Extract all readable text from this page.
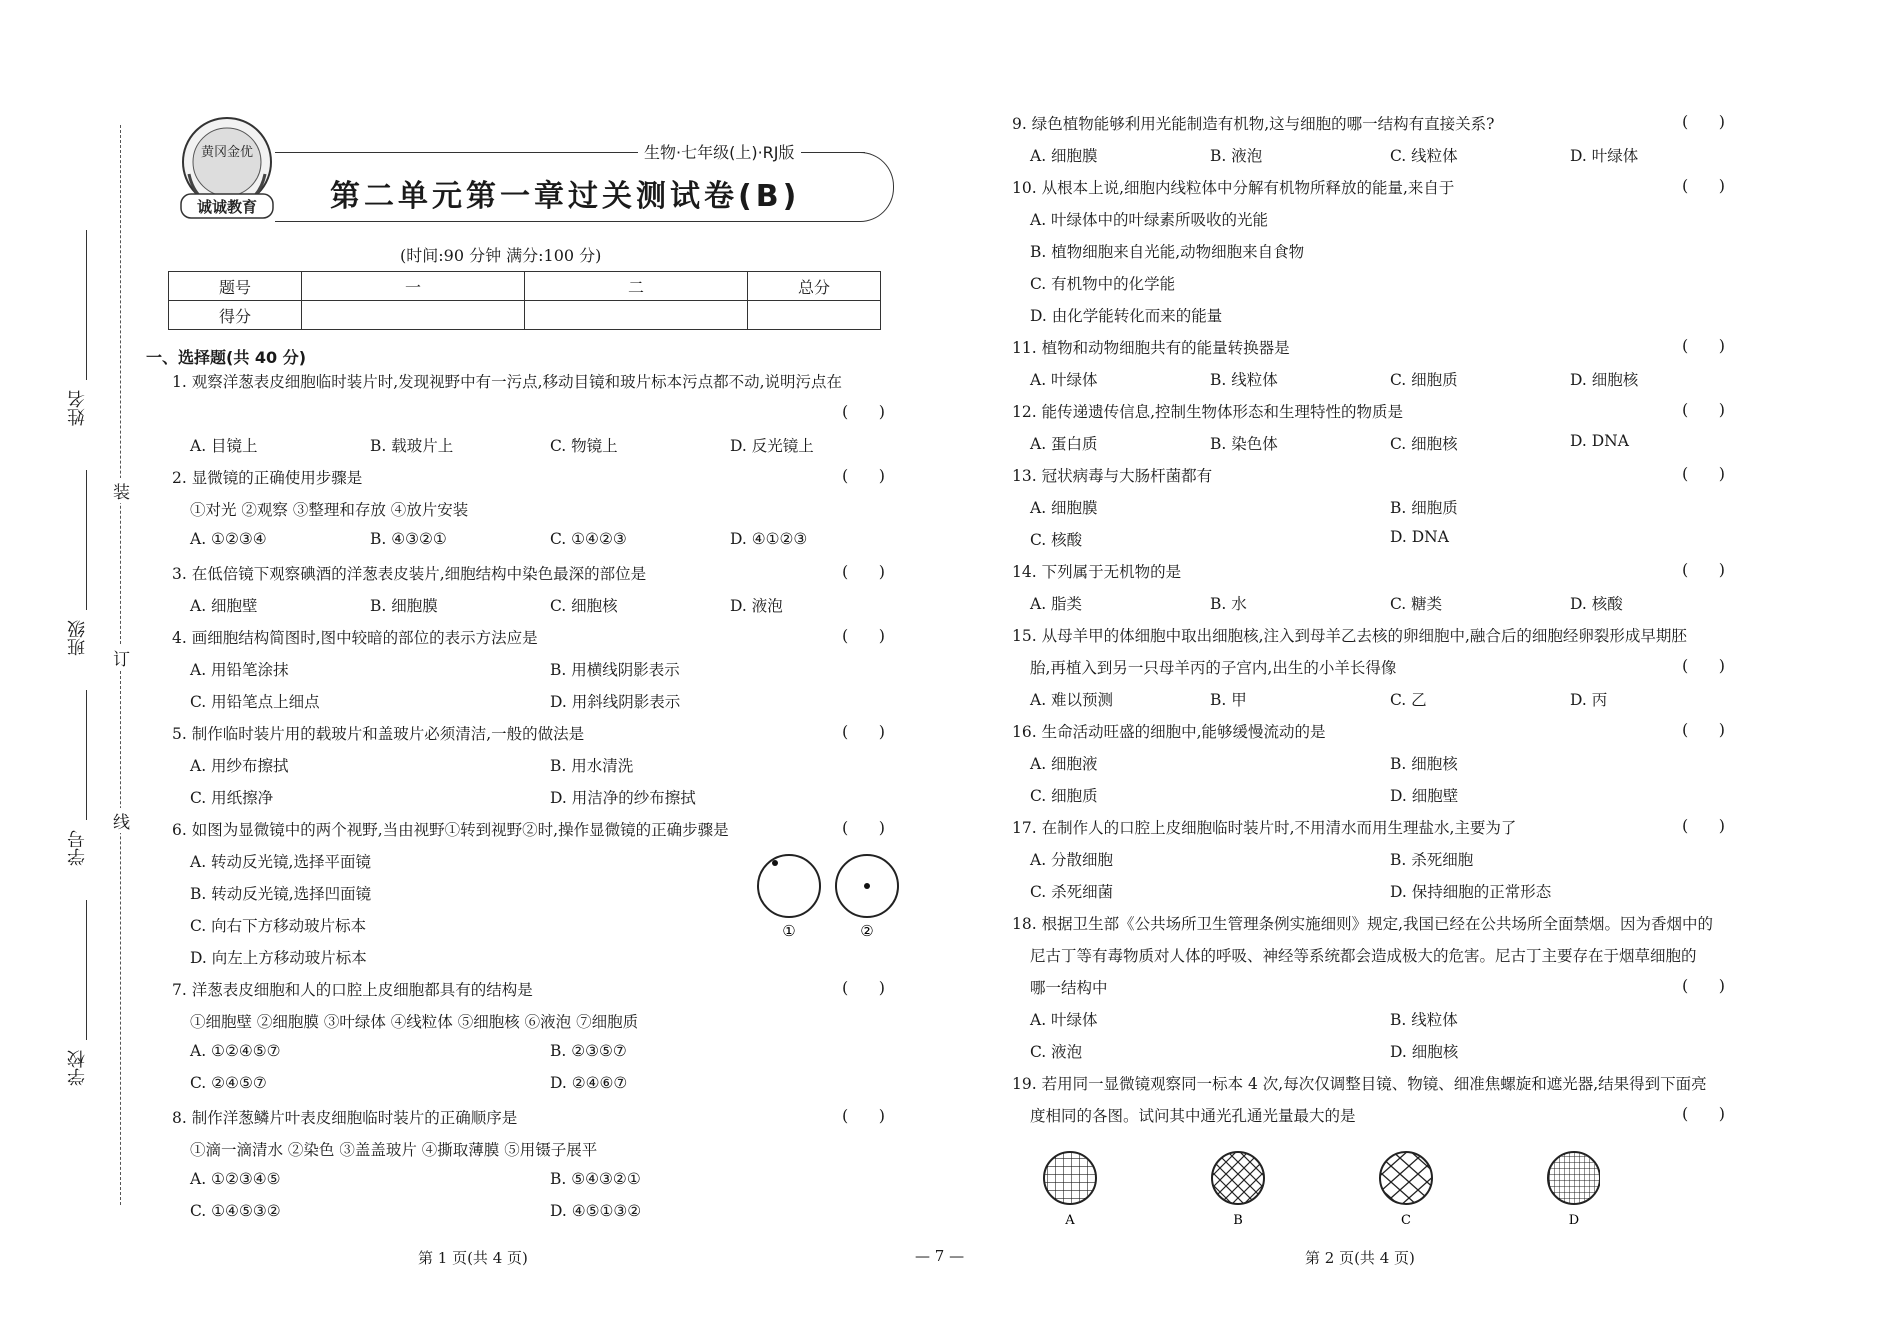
装
订
线
姓名
班级
学号
学校
黄冈金优
诚诚教育
生物·七年级(上)·RJ版
第二单元第一章过关测试卷(B)
(时间:90 分钟 满分:100 分)
题号	一	二	总分
得分			
一、选择题(共 40 分)
1. 观察洋葱表皮细胞临时装片时,发现视野中有一污点,移动目镜和玻片标本污点都不动,说明污点在
A. 目镜上	B. 载玻片上	C. 物镜上	D. 反光镜上
2. 显微镜的正确使用步骤是
①对光 ②观察 ③整理和存放 ④放片安装
A. ①②③④	B. ④③②①	C. ①④②③	D. ④①②③
3. 在低倍镜下观察碘酒的洋葱表皮装片,细胞结构中染色最深的部位是
A. 细胞壁	B. 细胞膜	C. 细胞核	D. 液泡
4. 画细胞结构简图时,图中较暗的部位的表示方法应是
A. 用铅笔涂抹	B. 用横线阴影表示
C. 用铅笔点上细点	D. 用斜线阴影表示
5. 制作临时装片用的载玻片和盖玻片必须清洁,一般的做法是
A. 用纱布擦拭	B. 用水清洗
C. 用纸擦净	D. 用洁净的纱布擦拭
6. 如图为显微镜中的两个视野,当由视野①转到视野②时,操作显微镜的正确步骤是
A. 转动反光镜,选择平面镜
B. 转动反光镜,选择凹面镜
C. 向右下方移动玻片标本
D. 向左上方移动玻片标本
7. 洋葱表皮细胞和人的口腔上皮细胞都具有的结构是
①细胞壁 ②细胞膜 ③叶绿体 ④线粒体 ⑤细胞核 ⑥液泡 ⑦细胞质
A. ①②④⑤⑦	B. ②③⑤⑦
C. ②④⑤⑦	D. ②④⑥⑦
8. 制作洋葱鳞片叶表皮细胞临时装片的正确顺序是
①滴一滴清水 ②染色 ③盖盖玻片 ④撕取薄膜 ⑤用镊子展平
A. ①②③④⑤	B. ⑤④③②①
C. ①④⑤③②	D. ④⑤①③②
(      )
(      )
(      )
(      )
(      )
(      )
(      )
(      )
9. 绿色植物能够利用光能制造有机物,这与细胞的哪一结构有直接关系?
A. 细胞膜	B. 液泡	C. 线粒体	D. 叶绿体
10. 从根本上说,细胞内线粒体中分解有机物所释放的能量,来自于
A. 叶绿体中的叶绿素所吸收的光能
B. 植物细胞来自光能,动物细胞来自食物
C. 有机物中的化学能
D. 由化学能转化而来的能量
11. 植物和动物细胞共有的能量转换器是
A. 叶绿体	B. 线粒体	C. 细胞质	D. 细胞核
12. 能传递遗传信息,控制生物体形态和生理特性的物质是
A. 蛋白质	B. 染色体	C. 细胞核	D. DNA
13. 冠状病毒与大肠杆菌都有
A. 细胞膜	B. 细胞质
C. 核酸	D. DNA
14. 下列属于无机物的是
A. 脂类	B. 水	C. 糖类	D. 核酸
15. 从母羊甲的体细胞中取出细胞核,注入到母羊乙去核的卵细胞中,融合后的细胞经卵裂形成早期胚
胎,再植入到另一只母羊丙的子宫内,出生的小羊长得像
A. 难以预测	B. 甲	C. 乙	D. 丙
16. 生命活动旺盛的细胞中,能够缓慢流动的是
A. 细胞液	B. 细胞核
C. 细胞质	D. 细胞壁
17. 在制作人的口腔上皮细胞临时装片时,不用清水而用生理盐水,主要为了
A. 分散细胞	B. 杀死细胞
C. 杀死细菌	D. 保持细胞的正常形态
18. 根据卫生部《公共场所卫生管理条例实施细则》规定,我国已经在公共场所全面禁烟。因为香烟中的
尼古丁等有毒物质对人体的呼吸、神经等系统都会造成极大的危害。尼古丁主要存在于烟草细胞的
哪一结构中
A. 叶绿体	B. 线粒体
C. 液泡	D. 细胞核
19. 若用同一显微镜观察同一标本 4 次,每次仅调整目镜、物镜、细准焦螺旋和遮光器,结果得到下面亮
度相同的各图。试问其中通光孔通光量最大的是
(      )
(      )
(      )
(      )
(      )
(      )
(      )
(      )
(      )
(      )
(      )
①	②
A	B	C	D
第 1 页(共 4 页)	— 7 —	第 2 页(共 4 页)
